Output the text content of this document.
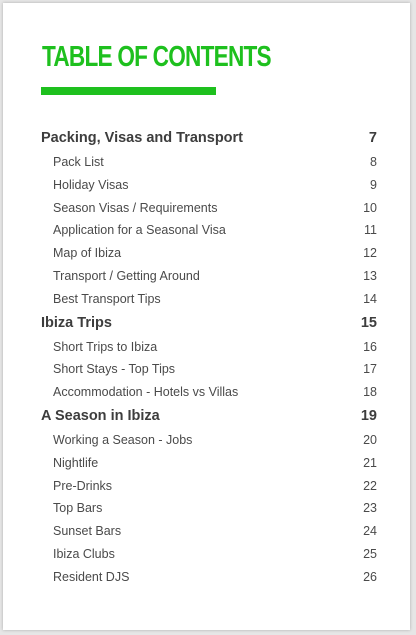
TABLE OF CONTENTS
Packing, Visas and Transport	7
Pack List	8
Holiday Visas	9
Season Visas / Requirements	10
Application for a Seasonal Visa	11
Map of Ibiza	12
Transport / Getting Around	13
Best Transport Tips	14
Ibiza Trips	15
Short Trips to Ibiza	16
Short Stays - Top Tips	17
Accommodation - Hotels vs Villas	18
A Season in Ibiza	19
Working a Season - Jobs	20
Nightlife	21
Pre-Drinks	22
Top Bars	23
Sunset Bars	24
Ibiza Clubs	25
Resident DJS	26
